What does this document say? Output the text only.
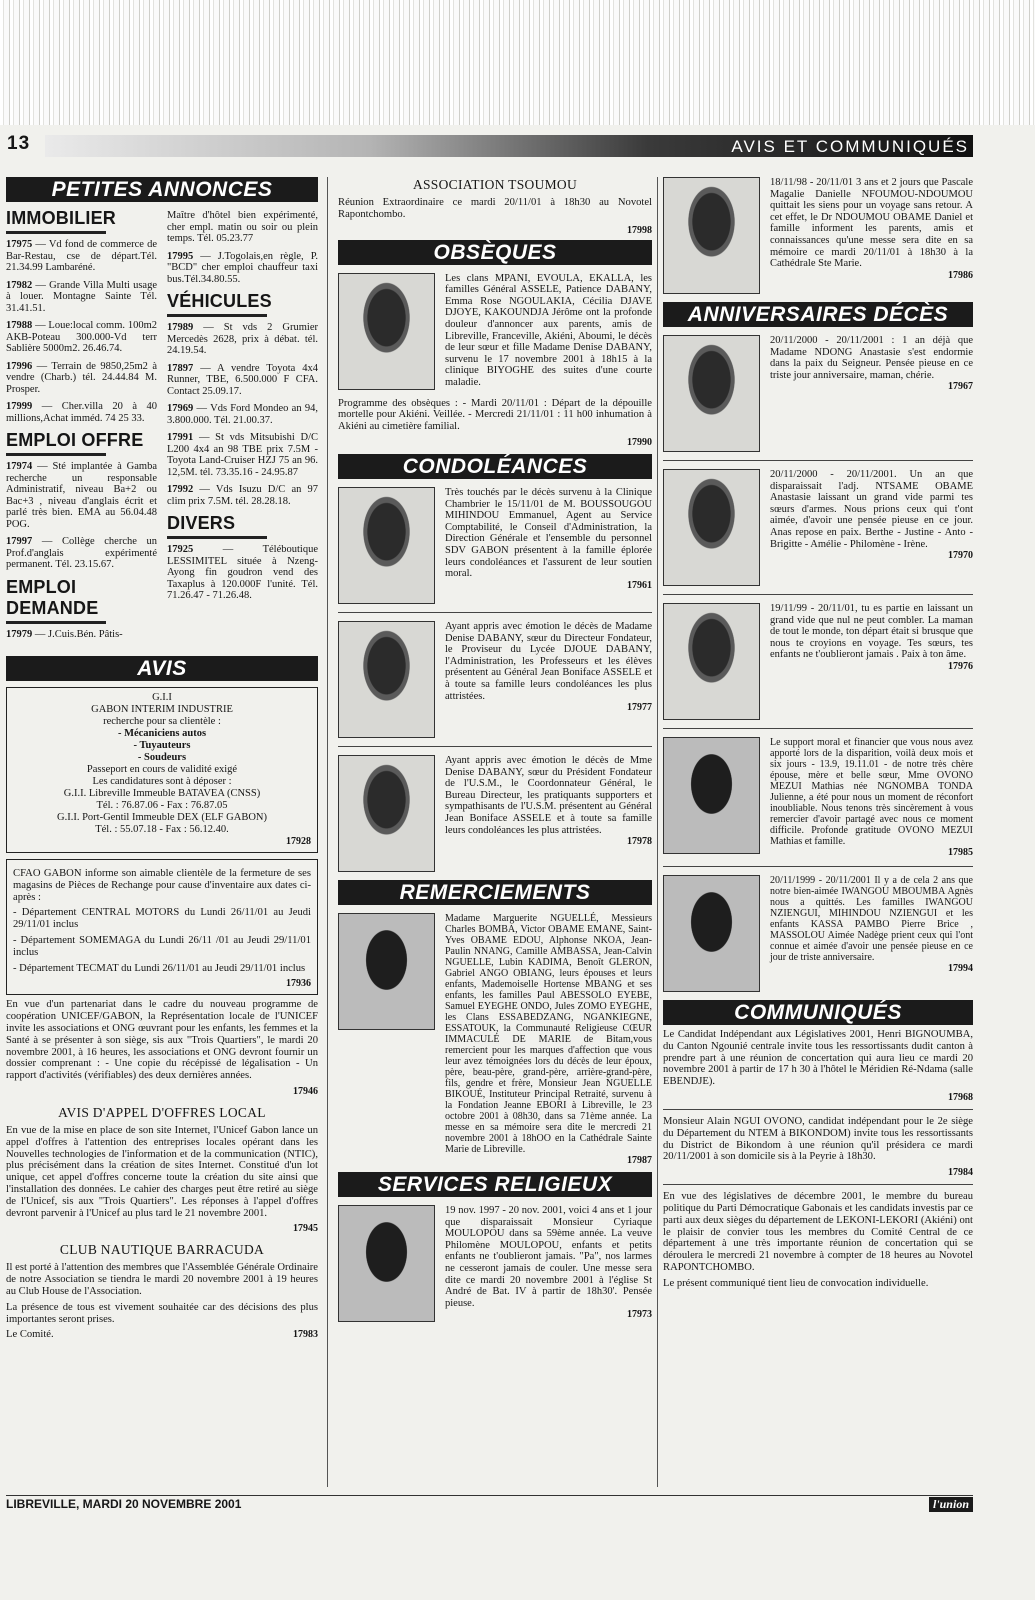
13	AVIS ET COMMUNIQUÉS
PETITES ANNONCES
IMMOBILIER
17975 — Vd fond de commerce de Bar-Restau, cse de départ.Tél. 21.34.99 Lambaréné.
17982 — Grande Villa Multi usage à louer. Montagne Sainte Tél. 31.41.51.
17988 — Loue:local comm. 100m2 AKB-Poteau 300.000-Vd terr Sablière 5000m2. 26.46.74.
17996 — Terrain de 9850,25m2 à vendre (Charb.) tél. 24.44.84 M. Prosper.
17999 — Cher.villa 20 à 40 millions,Achat imméd. 74 25 33.
EMPLOI OFFRE
17974 — Sté implantée à Gamba recherche un responsable Administratif, niveau Ba+2 ou Bac+3 , niveau d'anglais écrit et parlé très bien. EMA au 56.04.48 POG.
17997 — Collège cherche un Prof.d'anglais expérimenté permanent. Tél. 23.15.67.
EMPLOI DEMANDE
17979 — J.Cuis.Bén. Pâtis-
Maître d'hôtel bien expérimenté, cher empl. matin ou soir ou plein temps. Tél. 05.23.77
17995 — J.Togolais,en règle, P. "BCD" cher emploi chauffeur taxi bus.Tél.34.80.55.
VÉHICULES
17989 — St vds 2 Grumier Mercedès 2628, prix à débat. tél. 24.19.54.
17897 — A vendre Toyota 4x4 Runner, TBE, 6.500.000 F CFA. Contact 25.09.17.
17969 — Vds Ford Mondeo an 94, 3.800.000. Tél. 21.00.37.
17991 — St vds Mitsubishi D/C L200 4x4 an 98 TBE prix 7.5M - Toyota Land-Cruiser HZJ 75 an 96. 12,5M. tél. 73.35.16 - 24.95.87
17992 — Vds Isuzu D/C an 97 clim prix 7.5M. tél. 28.28.18.
DIVERS
17925 — Téléboutique LESSIMITEL située à Nzeng-Ayong fin goudron vend des Taxaplus à 120.000F l'unité. Tél. 71.26.47 - 71.26.48.
AVIS
G.I.I
GABON INTERIM INDUSTRIE
recherche pour sa clientèle :
- Mécaniciens autos
- Tuyauteurs
- Soudeurs
Passeport en cours de validité exigé
Les candidatures sont à déposer :
G.I.I. Libreville Immeuble BATAVEA (CNSS)
Tél. : 76.87.06 - Fax : 76.87.05
G.I.I. Port-Gentil Immeuble DEX (ELF GABON)
Tél. : 55.07.18 - Fax : 56.12.40.
17928
CFAO GABON informe son aimable clientèle de la fermeture de ses magasins de Pièces de Rechange pour cause d'inventaire aux dates ci-après :
- Département CENTRAL MOTORS du Lundi 26/11/01 au Jeudi 29/11/01 inclus
- Département SOMEMAGA du Lundi 26/11 /01 au Jeudi 29/11/01 inclus
- Département TECMAT du Lundi 26/11/01 au Jeudi 29/11/01 inclus
17936
En vue d'un partenariat dans le cadre du nouveau programme de coopération UNICEF/GABON, la Représentation locale de l'UNICEF invite les associations et ONG œuvrant pour les enfants, les femmes et la Santé à se présenter à son siège, sis aux "Trois Quartiers", le mardi 20 novembre 2001, à 16 heures, les associations et ONG devront fournir un dossier comprenant : - Une copie du récépissé de légalisation - Un rapport d'activités (vérifiables) des deux dernières années.
17946
AVIS D'APPEL D'OFFRES LOCAL
En vue de la mise en place de son site Internet, l'Unicef Gabon lance un appel d'offres à l'attention des entreprises locales opérant dans les Nouvelles technologies de l'information et de la communication (NTIC), plus précisément dans la création de sites Internet. Constitué d'un lot unique, cet appel d'offres concerne toute la création du site ainsi que l'installation des données. Le cahier des charges peut être retiré au siège de l'Unicef, sis aux "Trois Quartiers". Les réponses à l'appel d'offres devront parvenir à l'Unicef au plus tard le 21 novembre 2001.
17945
CLUB NAUTIQUE BARRACUDA
Il est porté à l'attention des membres que l'Assemblée Générale Ordinaire de notre Association se tiendra le mardi 20 novembre 2001 à 19 heures au Club House de l'Association.
La présence de tous est vivement souhaitée car des décisions des plus importantes seront prises.
Le Comité.	17983
ASSOCIATION TSOUMOU
Réunion Extraordinaire ce mardi 20/11/01 à 18h30 au Novotel Rapontchombo.
17998
OBSÈQUES
Les clans MPANI, EVOULA, EKALLA, les familles Général ASSELE, Patience DABANY, Emma Rose NGOULAKIA, Cécilia DJAVE DJOYE, KAKOUNDJA Jérôme ont la profonde douleur d'annoncer aux parents, amis de Libreville, Franceville, Akiéni, Aboumi, le décès de leur sœur et fille Madame Denise DABANY, survenu le 17 novembre 2001 à 18h15 à la clinique BIYOGHE des suites d'une courte maladie.
Programme des obsèques : - Mardi 20/11/01 : Départ de la dépouille mortelle pour Akiéni. Veillée. - Mercredi 21/11/01 : 11 h00 inhumation à Akiéni au cimetière familial.
17990
CONDOLÉANCES
Très touchés par le décès survenu à la Clinique Chambrier le 15/11/01 de M. BOUSSOUGOU MIHINDOU Emmanuel, Agent au Service Comptabilité, le Conseil d'Administration, la Direction Générale et l'ensemble du personnel SDV GABON présentent à la famille éplorée leurs condoléances et l'assurent de leur soutien moral.
17961
Ayant appris avec émotion le décès de Madame Denise DABANY, sœur du Directeur Fondateur, le Proviseur du Lycée DJOUE DABANY, l'Administration, les Professeurs et les élèves présentent au Général Jean Boniface ASSELE et à toute sa famille leurs condoléances les plus attristées.
17977
Ayant appris avec émotion le décès de Mme Denise DABANY, sœur du Président Fondateur de l'U.S.M., le Coordonnateur Général, le Bureau Directeur, les pratiquants supporters et sympathisants de l'U.S.M. présentent au Général Jean Boniface ASSELE et à toute sa famille leurs condoléances les plus attristées.
17978
REMERCIEMENTS
Madame Marguerite NGUELLÉ, Messieurs Charles BOMBA, Victor OBAME EMANE, Saint-Yves OBAME EDOU, Alphonse NKOA, Jean-Paulin NNANG, Camille AMBASSA, Jean-Calvin NGUELLE, Lubin KADIMA, Benoît GLERON, Gabriel ANGO OBIANG, leurs épouses et leurs enfants, Mademoiselle Hortense MBANG et ses enfants, les familles Paul ABESSOLO EYEBE, Samuel EYEGHE ONDO, Jules ZOMO EYEGHE, les Clans ESSABEDZANG, NGANKIEGNE, ESSATOUK, la Communauté Religieuse CŒUR IMMACULÉ DE MARIE de Bitam,vous remercient pour les marques d'affection que vous leur avez témoignées lors du décès de leur époux, père, beau-père, grand-père, arrière-grand-père, fils, gendre et frère, Monsieur Jean NGUELLE BIKOUÉ, Instituteur Principal Retraité, survenu à la Fondation Jeanne EBORI à Libreville, le 23 octobre 2001 à 08h30, dans sa 71ème année. La messe en sa mémoire sera dite le mercredi 21 novembre 2001 à 18hOO en la Cathédrale Sainte Marie de Libreville.
17987
SERVICES RELIGIEUX
19 nov. 1997 - 20 nov. 2001, voici 4 ans et 1 jour que disparaissait Monsieur Cyriaque MOULOPOU dans sa 59ème année. La veuve Philomène MOULOPOU, enfants et petits enfants ne t'oublieront jamais. "Pa", nos larmes ne cesseront jamais de couler. Une messe sera dite ce mardi 20 novembre 2001 à l'église St André de Bat. IV à partir de 18h30'. Pensée pieuse.
17973
18/11/98 - 20/11/01 3 ans et 2 jours que Pascale Magalie Danielle NFOUMOU-NDOUMOU quittait les siens pour un voyage sans retour. A cet effet, le Dr NDOUMOU OBAME Daniel et famille informent les parents, amis et connaissances qu'une messe sera dite en sa mémoire ce mardi 20/11/01 à 18h30 à la Cathédrale Ste Marie.
17986
ANNIVERSAIRES DÉCÈS
20/11/2000 - 20/11/2001 : 1 an déjà que Madame NDONG Anastasie s'est endormie dans la paix du Seigneur. Pensée pieuse en ce triste jour anniversaire, maman, chérie.
17967
20/11/2000 - 20/11/2001. Un an que disparaissait l'adj. NTSAME OBAME Anastasie laissant un grand vide parmi tes sœurs d'armes. Nous prions ceux qui t'ont aimée, d'avoir une pensée pieuse en ce jour. Anas repose en paix. Berthe - Justine - Anto - Brigitte - Amélie - Philomène - Irène.
17970
19/11/99 - 20/11/01, tu es partie en laissant un grand vide que nul ne peut combler. La maman de tout le monde, ton départ était si brusque que nous te croyions en voyage. Tes sœurs, tes enfants ne t'oublieront jamais . Paix à ton âme.
17976
Le support moral et financier que vous nous avez apporté lors de la disparition, voilà deux mois et six jours - 13.9, 19.11.01 - de notre très chère épouse, mère et belle sœur, Mme OVONO MEZUI Mathias née NGNOMBA TONDA Julienne, a été pour nous un moment de réconfort inoubliable. Nous tenons très sincèrement à vous remercier d'avoir partagé avec nous ce moment difficile. Profonde gratitude OVONO MEZUI Mathias et famille.
17985
20/11/1999 - 20/11/2001 Il y a de cela 2 ans que notre bien-aimée IWANGOU MBOUMBA Agnès nous a quittés. Les familles IWANGOU NZIENGUI, MIHINDOU NZIENGUI et les enfants KASSA PAMBO Pierre Brice , MASSOLOU Aimée Nadège prient ceux qui l'ont connue et aimée d'avoir une pensée pieuse en ce jour de triste anniversaire.
17994
COMMUNIQUÉS
Le Candidat Indépendant aux Législatives 2001, Henri BIGNOUMBA, du Canton Ngounié centrale invite tous les ressortissants dudit canton à prendre part à une réunion de concertation qui aura lieu ce mardi 20 novembre 2001 à partir de 17 h 30 à l'hôtel le Méridien Ré-Ndama (salle EBENDJE).
17968
Monsieur Alain NGUI OVONO, candidat indépendant pour le 2e siège du Département du NTEM à BIKONDOM) invite tous les ressortissants du District de Bikondom à une réunion qu'il présidera ce mardi 20/11/2001 à son domicile sis à la Peyrie à 18h30.
17984
En vue des législatives de décembre 2001, le membre du bureau politique du Parti Démocratique Gabonais et les candidats investis par ce parti aux deux sièges du département de LEKONI-LEKORI (Akiéni) ont le plaisir de convier tous les membres du Comité Central de ce département à une très importante réunion de concertation qui se déroulera le mercredi 21 novembre à compter de 18 heures au Novotel RAPONTCHOMBO.
Le présent communiqué tient lieu de convocation individuelle.
LIBREVILLE, MARDI 20 NOVEMBRE 2001	l'union
